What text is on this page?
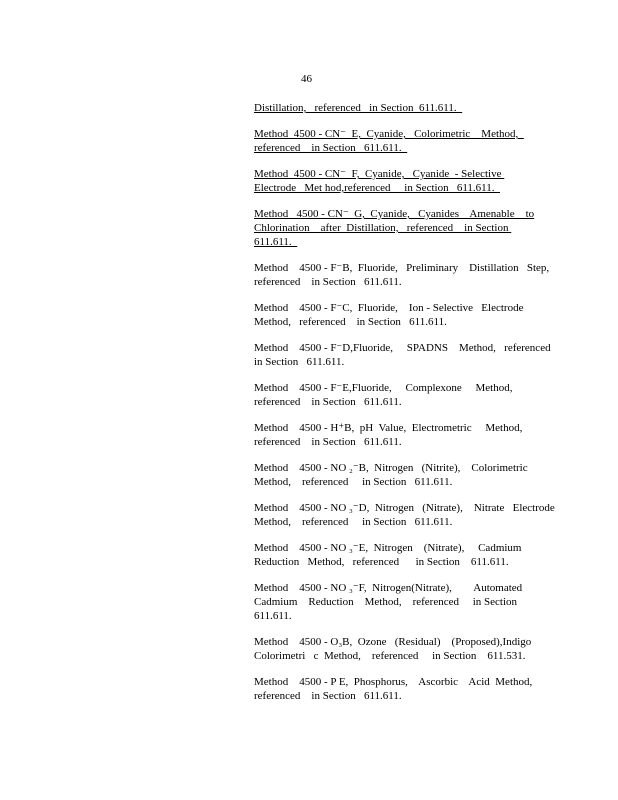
46
Distillation,   referenced   in Section  611.611.
Method  4500 - CN⁻  E,  Cyanide,   Colorimetric    Method,
referenced    in Section   611.611.
Method  4500 - CN⁻  F,  Cyanide,   Cyanide  - Selective
Electrode   Met hod,referenced     in Section   611.611.
Method   4500 - CN⁻  G,  Cyanide,   Cyanides    Amenable    to
Chlorination    after  Distillation,   referenced    in Section
611.611.
Method    4500 - F⁻B,  Fluoride,   Preliminary    Distillation   Step,
referenced    in Section   611.611.
Method    4500 - F⁻C,  Fluoride,    Ion - Selective   Electrode
Method,   referenced    in Section   611.611.
Method    4500 - F⁻D,Fluoride,     SPADNS    Method,   referenced
in Section   611.611.
Method    4500 - F⁻E,Fluoride,     Complexone     Method,
referenced    in Section   611.611.
Method    4500 - H⁺B,  pH  Value,  Electrometric     Method,
referenced    in Section   611.611.
Method    4500 - NO ₂⁻B,  Nitrogen   (Nitrite),    Colorimetric
Method,    referenced     in Section   611.611.
Method    4500 - NO ₃⁻D,  Nitrogen   (Nitrate),    Nitrate   Electrode
Method,    referenced     in Section   611.611.
Method    4500 - NO ₃⁻E,  Nitrogen    (Nitrate),     Cadmium
Reduction   Method,   referenced      in Section    611.611.
Method    4500 - NO ₃⁻F,  Nitrogen(Nitrate),        Automated
Cadmium    Reduction    Method,    referenced     in Section
611.611.
Method    4500 - O₃B,  Ozone   (Residual)    (Proposed),Indigo
Colorimetri   c  Method,    referenced     in Section    611.531.
Method    4500 - P E,  Phosphorus,    Ascorbic    Acid  Method,
referenced    in Section   611.611.
